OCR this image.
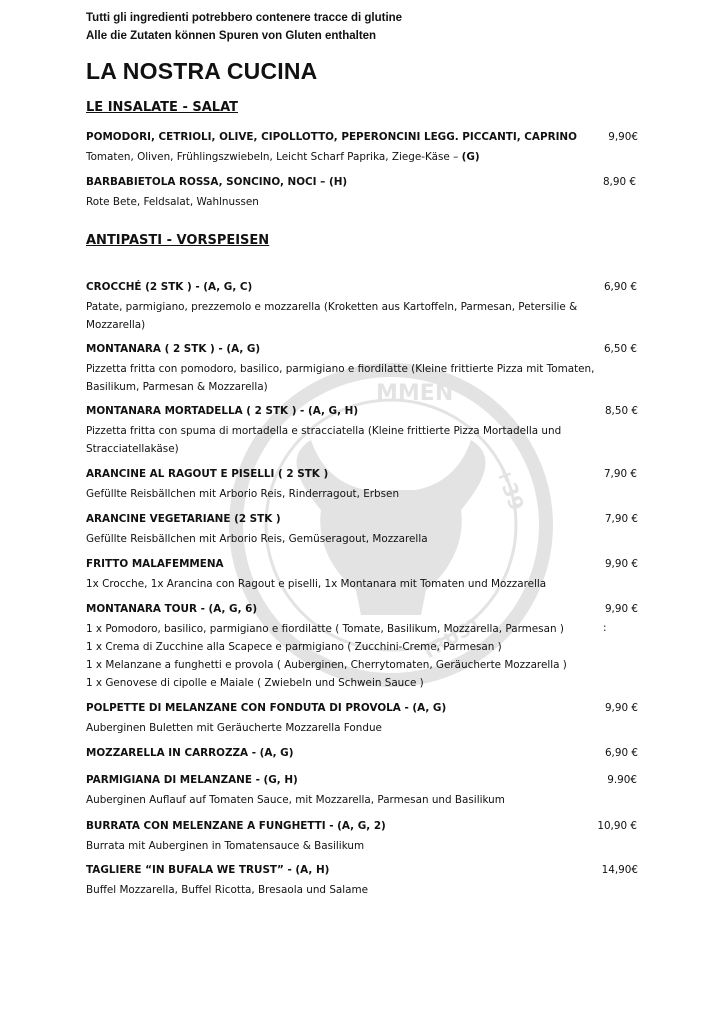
MMEN
+39
TRUST
Tutti gli ingredienti potrebbero contenere tracce di glutine
Alle die Zutaten können Spuren von Gluten enthalten
LA NOSTRA CUCINA
LE INSALATE - SALAT
POMODORI, CETRIOLI, OLIVE, CIPOLLOTTO, PEPERONCINI LEGG. PICCANTI, CAPRINO	9,90€
Tomaten, Oliven, Frühlingszwiebeln, Leicht Scharf Paprika, Ziege-Käse – (G)
BARBABIETOLA ROSSA, SONCINO, NOCI – (H)	8,90 €
Rote Bete, Feldsalat, Wahlnussen
ANTIPASTI - VORSPEISEN
CROCCHÉ (2 STK ) - (A, G, C)	6,90 €
Patate, parmigiano, prezzemolo e mozzarella (Kroketten aus Kartoffeln, Parmesan, Petersilie &
Mozzarella)
MONTANARA ( 2 STK ) - (A, G)	6,50 €
Pizzetta fritta con pomodoro, basilico, parmigiano e fiordilatte (Kleine frittierte Pizza mit Tomaten,
Basilikum, Parmesan & Mozzarella)
MONTANARA MORTADELLA ( 2 STK ) - (A, G, H)	8,50 €
Pizzetta fritta con spuma di mortadella e stracciatella (Kleine frittierte Pizza Mortadella und
Stracciatellakäse)
ARANCINE AL RAGOUT E PISELLI ( 2 STK )	7,90 €
Gefüllte Reisbällchen mit Arborio Reis, Rinderragout, Erbsen
ARANCINE VEGETARIANE (2 STK )	7,90 €
Gefüllte Reisbällchen mit Arborio Reis, Gemüseragout, Mozzarella
FRITTO MALAFEMMENA	9,90 €
1x Crocche, 1x Arancina con Ragout e piselli, 1x Montanara mit Tomaten und Mozzarella
MONTANARA TOUR - (A, G, 6)	9,90 €
:
1 x Pomodoro, basilico, parmigiano e fiordilatte ( Tomate, Basilikum, Mozzarella, Parmesan )
1 x Crema di Zucchine alla Scapece e parmigiano ( Zucchini-Creme, Parmesan )
1 x Melanzane a funghetti e provola ( Auberginen, Cherrytomaten, Geräucherte Mozzarella )
1 x Genovese di cipolle e Maiale ( Zwiebeln und Schwein Sauce )
POLPETTE DI MELANZANE CON FONDUTA DI PROVOLA - (A, G)	9,90 €
Auberginen Buletten mit Geräucherte Mozzarella Fondue
MOZZARELLA IN CARROZZA - (A, G)	6,90 €
PARMIGIANA DI MELANZANE - (G, H)	9.90€
Auberginen Auflauf auf Tomaten Sauce, mit Mozzarella, Parmesan und Basilikum
BURRATA CON MELENZANE A FUNGHETTI - (A, G, 2)	10,90 €
Burrata mit Auberginen in Tomatensauce & Basilikum
TAGLIERE “IN BUFALA WE TRUST” - (A, H)	14,90€
Buffel Mozzarella, Buffel Ricotta, Bresaola und Salame
